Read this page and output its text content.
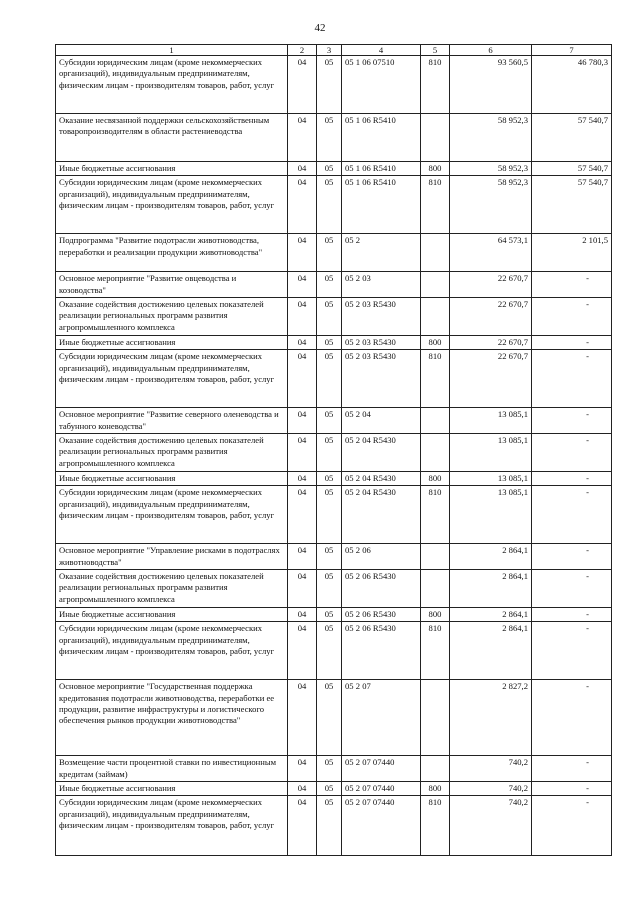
42
1	2	3	4	5	6	7
Субсидии юридическим лицам (кроме некоммерческих организаций), индивидуальным предпринимателям, физическим лицам - производителям товаров, работ, услуг	04	05	05 1 06 07510	810	93 560,5	46 780,3
Оказание несвязанной поддержки сельскохозяйственным товаропроизводителям в области растениеводства	04	05	05 1 06 R5410		58 952,3	57 540,7
Иные бюджетные ассигнования	04	05	05 1 06 R5410	800	58 952,3	57 540,7
Субсидии юридическим лицам (кроме некоммерческих организаций), индивидуальным предпринимателям, физическим лицам - производителям товаров, работ, услуг	04	05	05 1 06 R5410	810	58 952,3	57 540,7
Подпрограмма "Развитие подотрасли животноводства, переработки и реализации продукции животноводства"	04	05	05 2		64 573,1	2 101,5
Основное мероприятие "Развитие овцеводства и козоводства"	04	05	05 2 03		22 670,7	-
Оказание содействия достижению целевых показателей реализации региональных программ развития агропромышленного комплекса	04	05	05 2 03 R5430		22 670,7	-
Иные бюджетные ассигнования	04	05	05 2 03 R5430	800	22 670,7	-
Субсидии юридическим лицам (кроме некоммерческих организаций), индивидуальным предпринимателям, физическим лицам - производителям товаров, работ, услуг	04	05	05 2 03 R5430	810	22 670,7	-
Основное мероприятие "Развитие северного оленеводства и табунного коневодства"	04	05	05 2 04		13 085,1	-
Оказание содействия достижению целевых показателей реализации региональных программ развития агропромышленного комплекса	04	05	05 2 04 R5430		13 085,1	-
Иные бюджетные ассигнования	04	05	05 2 04 R5430	800	13 085,1	-
Субсидии юридическим лицам (кроме некоммерческих организаций), индивидуальным предпринимателям, физическим лицам - производителям товаров, работ, услуг	04	05	05 2 04 R5430	810	13 085,1	-
Основное мероприятие "Управление рисками в подотраслях животноводства"	04	05	05 2 06		2 864,1	-
Оказание содействия достижению целевых показателей реализации региональных программ развития агропромышленного комплекса	04	05	05 2 06 R5430		2 864,1	-
Иные бюджетные ассигнования	04	05	05 2 06 R5430	800	2 864,1	-
Субсидии юридическим лицам (кроме некоммерческих организаций), индивидуальным предпринимателям, физическим лицам - производителям товаров, работ, услуг	04	05	05 2 06 R5430	810	2 864,1	-
Основное мероприятие "Государственная поддержка кредитования подотрасли животноводства, переработки ее продукции, развитие инфраструктуры и логистического обеспечения рынков продукции животноводства"	04	05	05 2 07		2 827,2	-
Возмещение части процентной ставки по инвестиционным кредитам (займам)	04	05	05 2 07 07440		740,2	-
Иные бюджетные ассигнования	04	05	05 2 07 07440	800	740,2	-
Субсидии юридическим лицам (кроме некоммерческих организаций), индивидуальным предпринимателям, физическим лицам - производителям товаров, работ, услуг	04	05	05 2 07 07440	810	740,2	-
